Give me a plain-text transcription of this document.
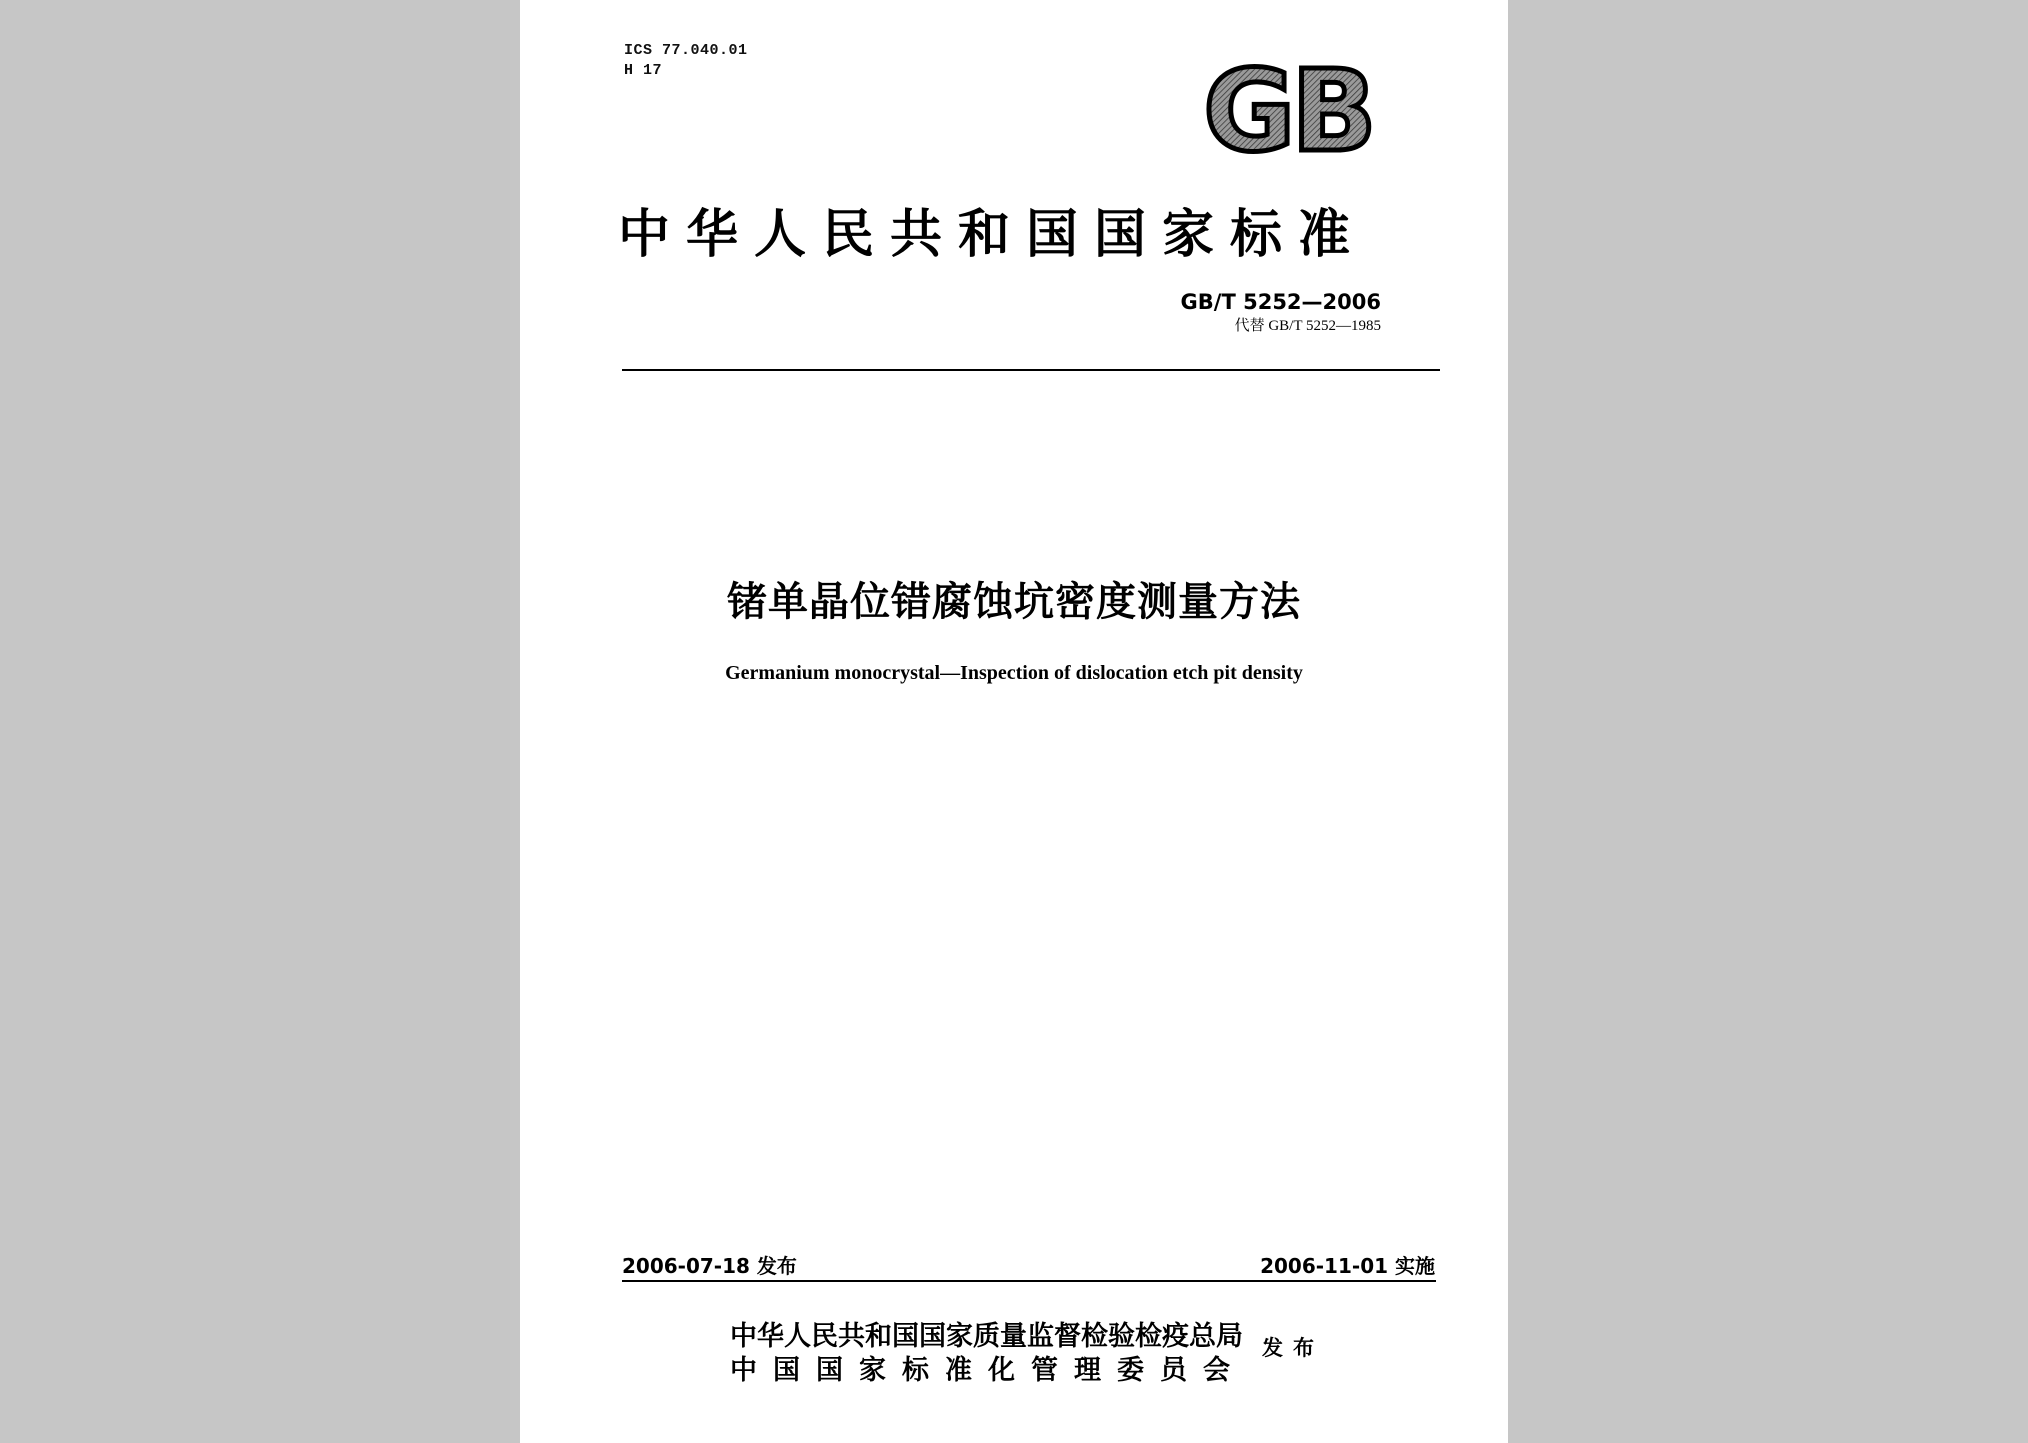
ICS 77.040.01
H 17	GB
中华人民共和国国家标准
GB/T 5252—2006
代替 GB/T 5252—1985
锗单晶位错腐蚀坑密度测量方法
Germanium monocrystal—Inspection of dislocation etch pit density
2006-07-18 发布	2006-11-01 实施
中华人民共和国国家质量监督检验检疫总局
中国国家标准化管理委员会
发布
